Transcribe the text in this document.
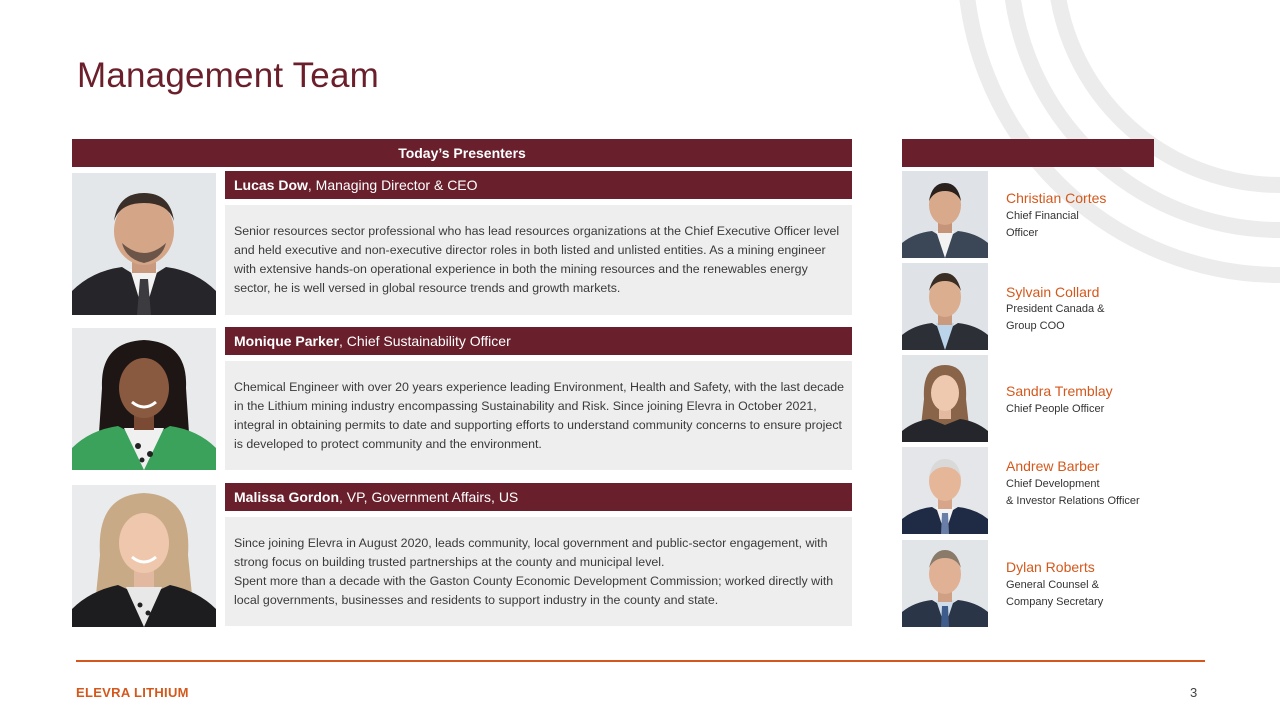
Management Team
Today’s Presenters
Lucas Dow , Managing Director & CEO

Senior resources sector professional who has lead resources organizations at the Chief Executive Officer level and held executive and non-executive director roles in both listed and unlisted entities. As a mining engineer with extensive hands-on operational experience in both the mining resources and the renewables energy sector, he is well versed in global resource trends and growth markets.

Monique Parker , Chief Sustainability Officer

Chemical Engineer with over 20 years experience leading Environment, Health and Safety, with the last decade in the Lithium mining industry encompassing Sustainability and Risk. Since joining Elevra in October 2021, integral in obtaining permits to date and supporting efforts to understand community concerns to ensure project is developed to protect community and the environment.

Malissa Gordon , VP, Government Affairs, US

Since joining Elevra in August 2020, leads community, local government and public-sector engagement, with strong focus on building trusted partnerships at the county and municipal level.
Spent more than a decade with the Gaston County Economic Development Commission; worked directly with local governments, businesses and residents to support industry in the county and state.

Christian Cortes
Chief Financial
Officer
Sylvain Collard
President Canada &
Group COO
Sandra Tremblay
Chief People Officer
Andrew Barber
Chief Development
& Investor Relations Officer
Dylan Roberts
General Counsel &
Company Secretary
ELEVRA LITHIUM	3
